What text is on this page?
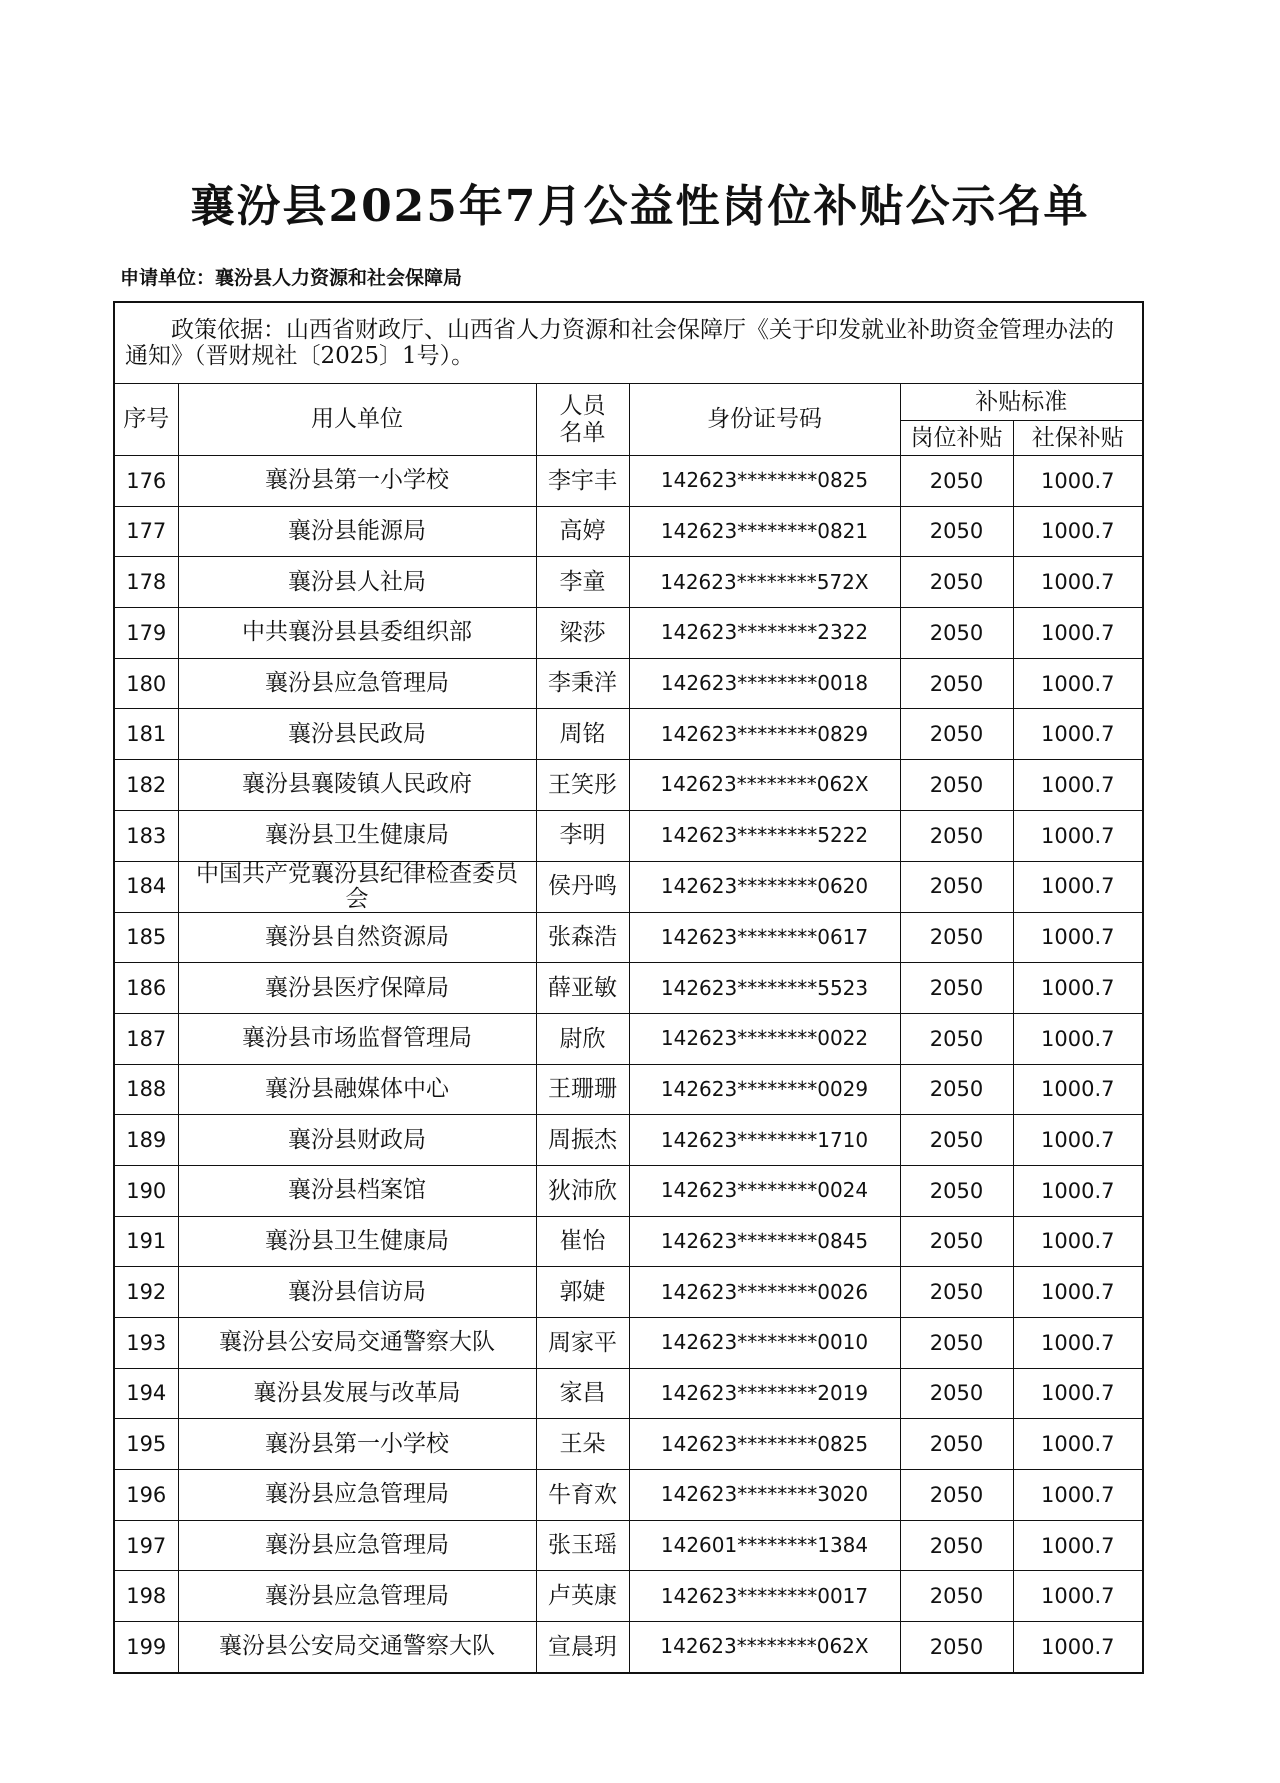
襄汾县2025年7月公益性岗位补贴公示名单
申请单位：襄汾县人力资源和社会保障局
政策依据：山西省财政厅、山西省人力资源和社会保障厅《关于印发就业补助资金管理办法的通知》（晋财规社〔2025〕1号）。					
序号	用人单位	人员名单	身份证号码	补贴标准	
				岗位补贴	社保补贴
176	襄汾县第一小学校	李宇丰	142623********0825	2050	1000.7
177	襄汾县能源局	高婷	142623********0821	2050	1000.7
178	襄汾县人社局	李童	142623********572X	2050	1000.7
179	中共襄汾县县委组织部	梁莎	142623********2322	2050	1000.7
180	襄汾县应急管理局	李秉洋	142623********0018	2050	1000.7
181	襄汾县民政局	周铭	142623********0829	2050	1000.7
182	襄汾县襄陵镇人民政府	王笑彤	142623********062X	2050	1000.7
183	襄汾县卫生健康局	李明	142623********5222	2050	1000.7
184	中国共产党襄汾县纪律检查委员会	侯丹鸣	142623********0620	2050	1000.7
185	襄汾县自然资源局	张森浩	142623********0617	2050	1000.7
186	襄汾县医疗保障局	薛亚敏	142623********5523	2050	1000.7
187	襄汾县市场监督管理局	尉欣	142623********0022	2050	1000.7
188	襄汾县融媒体中心	王珊珊	142623********0029	2050	1000.7
189	襄汾县财政局	周振杰	142623********1710	2050	1000.7
190	襄汾县档案馆	狄沛欣	142623********0024	2050	1000.7
191	襄汾县卫生健康局	崔怡	142623********0845	2050	1000.7
192	襄汾县信访局	郭婕	142623********0026	2050	1000.7
193	襄汾县公安局交通警察大队	周家平	142623********0010	2050	1000.7
194	襄汾县发展与改革局	家昌	142623********2019	2050	1000.7
195	襄汾县第一小学校	王朵	142623********0825	2050	1000.7
196	襄汾县应急管理局	牛育欢	142623********3020	2050	1000.7
197	襄汾县应急管理局	张玉瑶	142601********1384	2050	1000.7
198	襄汾县应急管理局	卢英康	142623********0017	2050	1000.7
199	襄汾县公安局交通警察大队	宣晨玥	142623********062X	2050	1000.7
